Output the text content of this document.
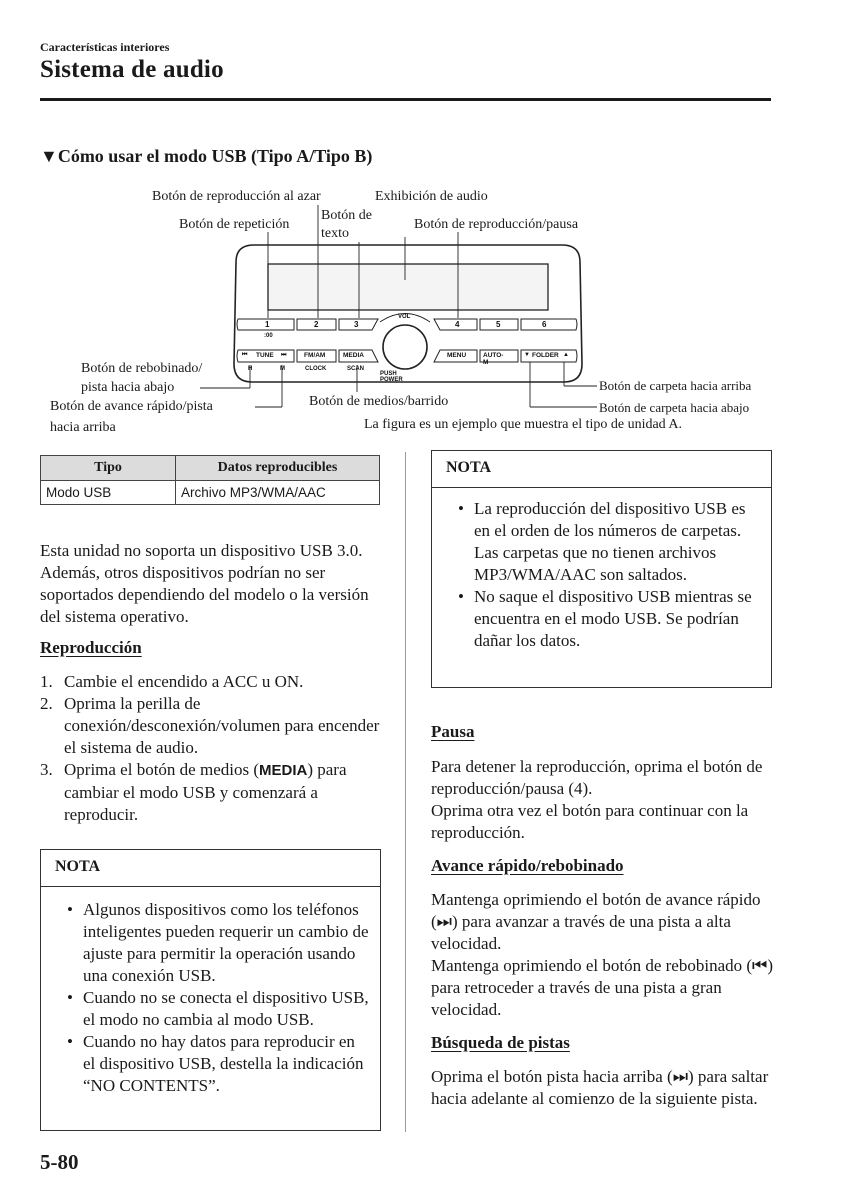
Características interiores
Sistema de audio
▼Cómo usar el modo USB (Tipo A/Tipo B)
Botón de reproducción al azar	Exhibición de audio
Botón de repetición
Botón de
texto
Botón de reproducción/pausa
Botón de rebobinado/
pista hacia abajo
Botón de avance rápido/pista
hacia arriba
Botón de medios/barrido
Botón de carpeta hacia arriba
Botón de carpeta hacia abajo
La figura es un ejemplo que muestra el tipo de unidad A.
1	2	3	4	5	6
:00
VOL
⏮ TUNE ⏭	FM/AM	MEDIA	MENU	AUTO-M
▼ FOLDER ▲
H	M	CLOCK	SCAN
PUSH POWER
Tipo	Datos reproducibles
Modo USB	Archivo MP3/WMA/AAC
Esta unidad no soporta un dispositivo USB 3.0. Además, otros dispositivos podrían no ser soportados dependiendo del modelo o la versión del sistema operativo.
Reproducción
1. Cambie el encendido a ACC u ON.
2. Oprima la perilla de conexión/desconexión/volumen para encender el sistema de audio.
3. Oprima el botón de medios (MEDIA) para cambiar el modo USB y comenzará a reproducir.
NOTA
• Algunos dispositivos como los teléfonos inteligentes pueden requerir un cambio de ajuste para permitir la operación usando una conexión USB.
• Cuando no se conecta el dispositivo USB, el modo no cambia al modo USB.
• Cuando no hay datos para reproducir en el dispositivo USB, destella la indicación “NO CONTENTS”.
NOTA
• La reproducción del dispositivo USB es en el orden de los números de carpetas. Las carpetas que no tienen archivos MP3/WMA/AAC son saltados.
• No saque el dispositivo USB mientras se encuentra en el modo USB. Se podrían dañar los datos.
Pausa
Para detener la reproducción, oprima el botón de reproducción/pausa (4).
Oprima otra vez el botón para continuar con la reproducción.
Avance rápido/rebobinado
Mantenga oprimiendo el botón de avance rápido (⏭) para avanzar a través de una pista a alta velocidad.
Mantenga oprimiendo el botón de rebobinado (⏮) para retroceder a través de una pista a gran velocidad.
Búsqueda de pistas
Oprima el botón pista hacia arriba (⏭) para saltar hacia adelante al comienzo de la siguiente pista.
5-80
